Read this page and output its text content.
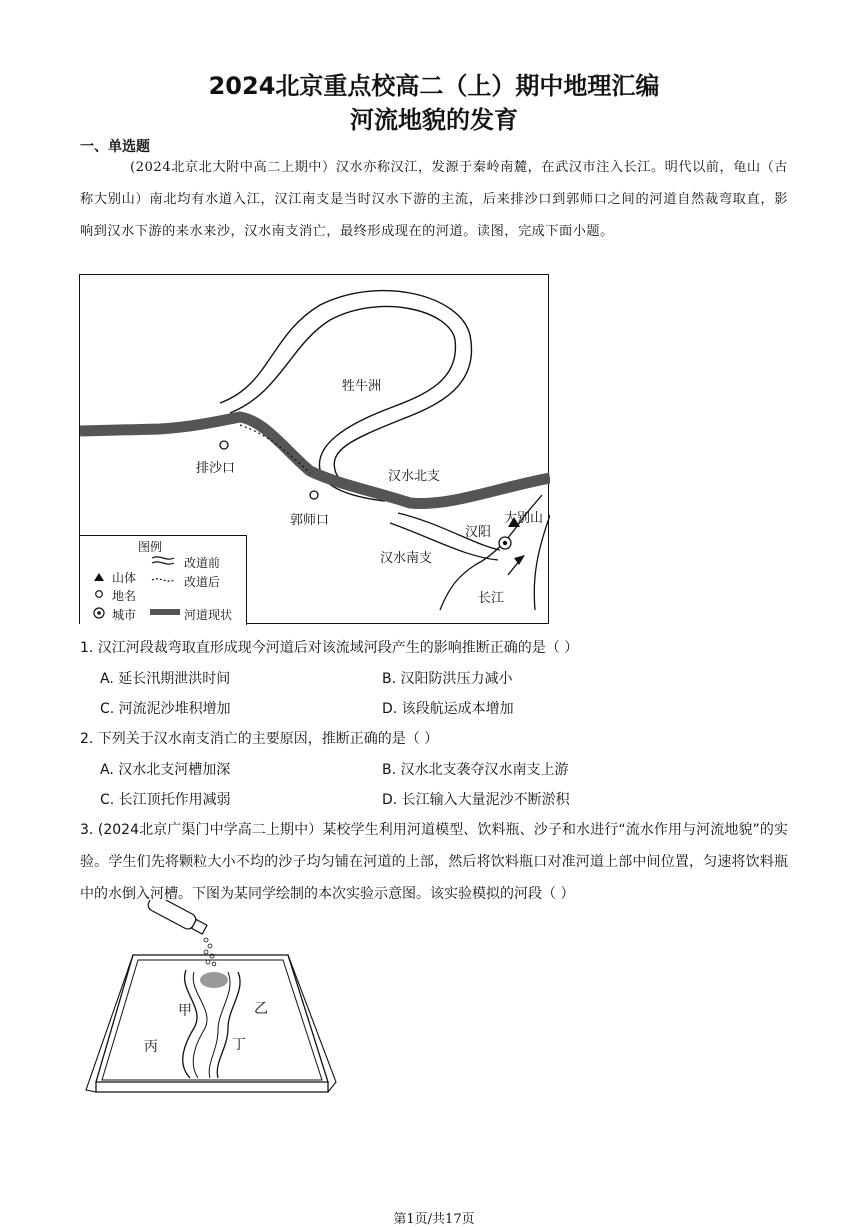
2024北京重点校高二（上）期中地理汇编
河流地貌的发育
一、单选题
(2024北京北大附中高二上期中）汉水亦称汉江，发源于秦岭南麓，在武汉市注入长江。明代以前，龟山（古称大别山）南北均有水道入江，汉江南支是当时汉水下游的主流，后来排沙口到郭师口之间的河道自然裁弯取直，影响到汉水下游的来水来沙，汉水南支消亡，最终形成现在的河道。读图，完成下面小题。
牲牛洲
排沙口
汉水北支
郭师口
汉阳
大别山
汉水南支
长江
图例
改道前
改道后
山体
地名
城市	河道现状
1. 汉江河段裁弯取直形成现今河道后对该流域河段产生的影响推断正确的是（ ）
A. 延长汛期泄洪时间	B. 汉阳防洪压力减小
C. 河流泥沙堆积增加	D. 该段航运成本增加
2. 下列关于汉水南支消亡的主要原因，推断正确的是（ ）
A. 汉水北支河槽加深	B. 汉水北支袭夺汉水南支上游
C. 长江顶托作用减弱	D. 长江输入大量泥沙不断淤积
3. (2024北京广渠门中学高二上期中）某校学生利用河道模型、饮料瓶、沙子和水进行“流水作用与河流地貌”的实验。学生们先将颗粒大小不均的沙子均匀铺在河道的上部，然后将饮料瓶口对准河道上部中间位置，匀速将饮料瓶中的水倒入河槽。下图为某同学绘制的本次实验示意图。该实验模拟的河段（ ）
甲	乙
丙	丁
第1页/共17页
